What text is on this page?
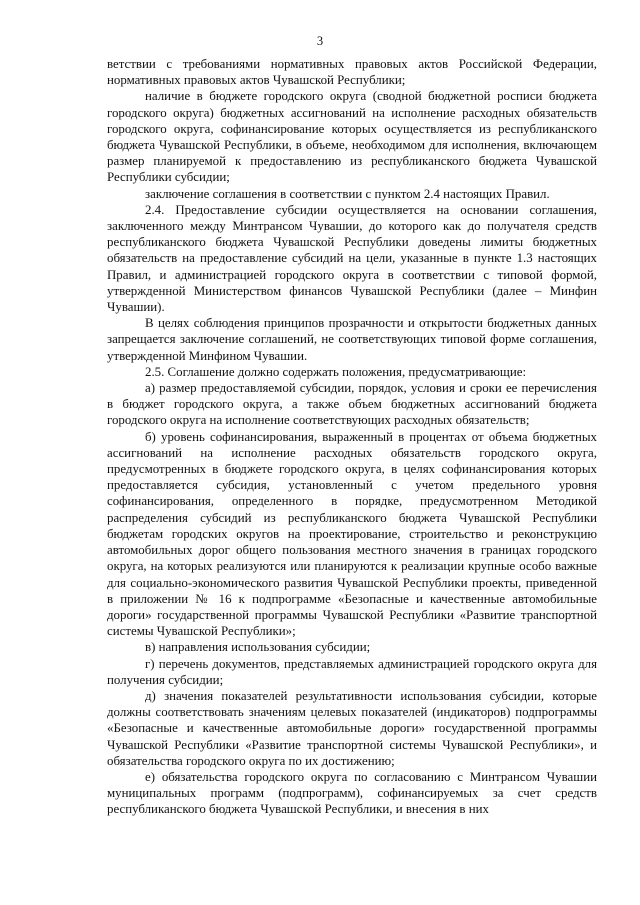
3

ветствии с требованиями нормативных правовых актов Российской Федерации, нормативных правовых актов Чувашской Республики;

наличие в бюджете городского округа (сводной бюджетной росписи бюджета городского округа) бюджетных ассигнований на исполнение расходных обязательств городского округа, софинансирование которых осуществляется из республиканского бюджета Чувашской Республики, в объеме, необходимом для исполнения, включающем размер планируемой к предоставлению из республиканского бюджета Чувашской Республики субсидии;

заключение соглашения в соответствии с пунктом 2.4 настоящих Правил.

2.4. Предоставление субсидии осуществляется на основании соглашения, заключенного между Минтрансом Чувашии, до которого как до получателя средств республиканского бюджета Чувашской Республики доведены лимиты бюджетных обязательств на предоставление субсидий на цели, указанные в пункте 1.3 настоящих Правил, и администрацией городского округа в соответствии с типовой формой, утвержденной Министерством финансов Чувашской Республики (далее – Минфин Чувашии).

В целях соблюдения принципов прозрачности и открытости бюджетных данных запрещается заключение соглашений, не соответствующих типовой форме соглашения, утвержденной Минфином Чувашии.

2.5. Соглашение должно содержать положения, предусматривающие:

а) размер предоставляемой субсидии, порядок, условия и сроки ее перечисления в бюджет городского округа, а также объем бюджетных ассигнований бюджета городского округа на исполнение соответствующих расходных обязательств;

б) уровень софинансирования, выраженный в процентах от объема бюджетных ассигнований на исполнение расходных обязательств городского округа, предусмотренных в бюджете городского округа, в целях софинансирования которых предоставляется субсидия, установленный с учетом предельного уровня софинансирования, определенного в порядке, предусмотренном Методикой распределения субсидий из республиканского бюджета Чувашской Республики бюджетам городских округов на проектирование, строительство и реконструкцию автомобильных дорог общего пользования местного значения в границах городского округа, на которых реализуются или планируются к реализации крупные особо важные для социально-экономического развития Чувашской Республики проекты, приведенной в приложении № 16 к подпрограмме «Безопасные и качественные автомобильные дороги» государственной программы Чувашской Республики «Развитие транспортной системы Чувашской Республики»;

в) направления использования субсидии;

г) перечень документов, представляемых администрацией городского округа для получения субсидии;

д) значения показателей результативности использования субсидии, которые должны соответствовать значениям целевых показателей (индикаторов) подпрограммы «Безопасные и качественные автомобильные дороги» государственной программы Чувашской Республики «Развитие транспортной системы Чувашской Республики», и обязательства городского округа по их достижению;

е) обязательства городского округа по согласованию с Минтрансом Чувашии муниципальных программ (подпрограмм), софинансируемых за счет средств республиканского бюджета Чувашской Республики, и внесения в них
